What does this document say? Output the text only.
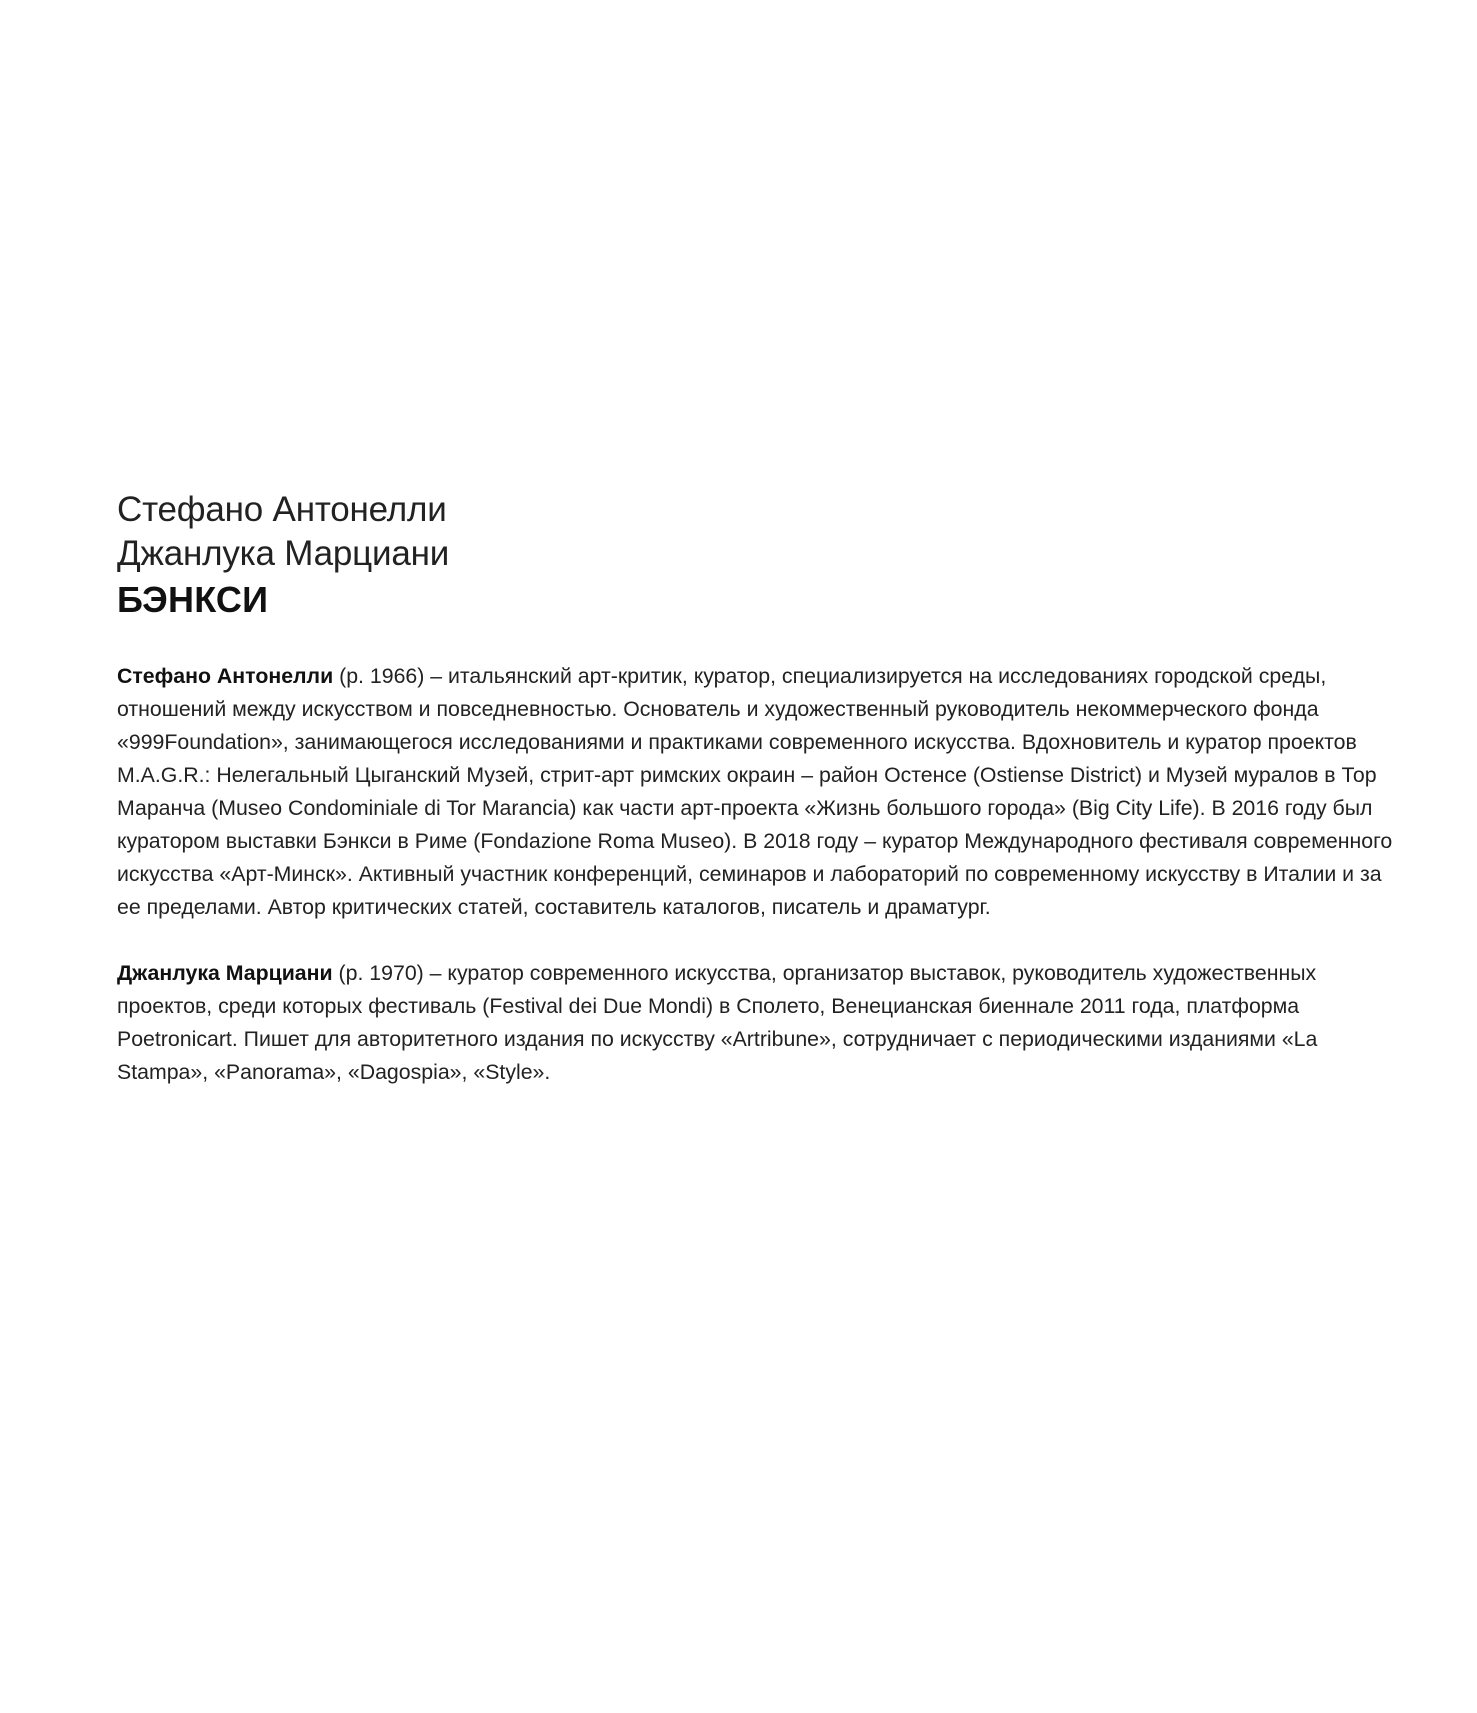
Стефано Антонелли
Джанлука Марциани
БЭНКСИ

Стефано Антонелли (р. 1966) – итальянский арт-критик, куратор, специализируется на исследованиях городской среды, отношений между искусством и повседневностью. Основатель и художественный руководитель некоммерческого фонда «999Foundation», занимающегося исследованиями и практиками современного искусства. Вдохновитель и куратор проектов M.A.G.R.: Нелегальный Цыганский Музей, стрит-арт римских окраин – район Остенсе (Ostiense District) и Музей муралов в Тор Маранча (Museo Condominiale di Tor Marancia) как части арт-проекта «Жизнь большого города» (Big City Life). В 2016 году был куратором выставки Бэнкси в Риме (Fondazione Roma Museo). В 2018 году – куратор Международного фестиваля современного искусства «Арт-Минск». Активный участник конференций, семинаров и лабораторий по современному искусству в Италии и за ее пределами. Автор критических статей, составитель каталогов, писатель и драматург.

Джанлука Марциани (р. 1970) – куратор современного искусства, организатор выставок, руководитель художественных проектов, среди которых фестиваль (Festival dei Due Mondi) в Сполето, Венецианская биеннале 2011 года, платформа Poetronicart. Пишет для авторитетного издания по искусству «Artribune», сотрудничает с периодическими изданиями «La Stampa», «Panorama», «Dagospia», «Style».
